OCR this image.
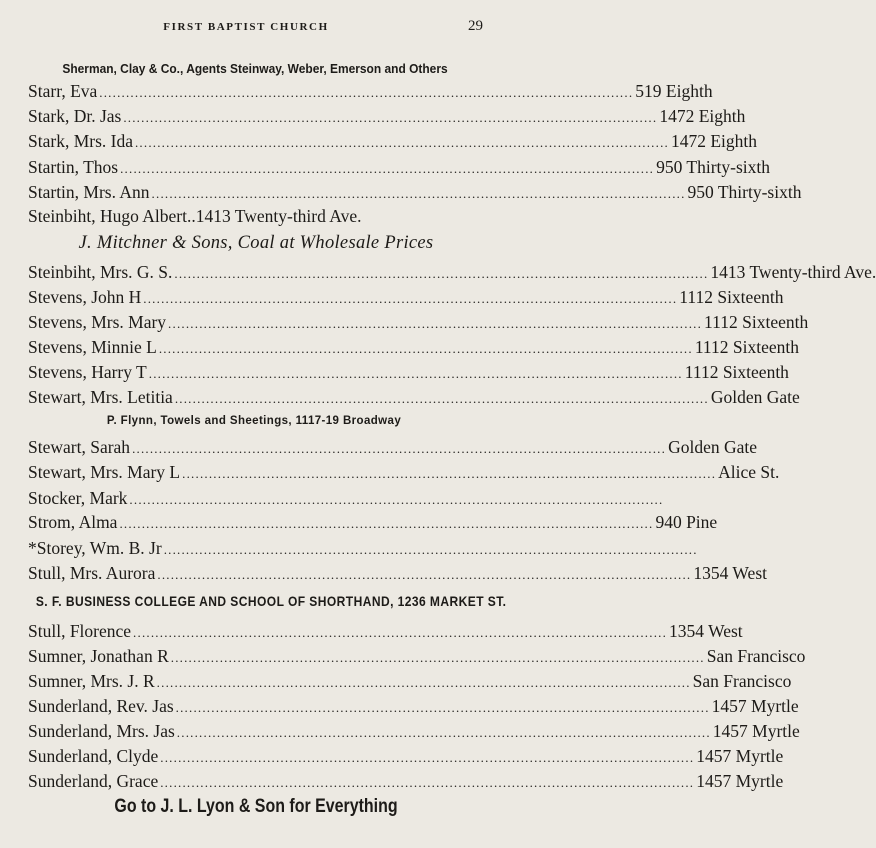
FIRST BAPTIST CHURCH	29
Sherman, Clay & Co., Agents Steinway, Weber, Emerson and Others
Starr, Eva ........................................................................................................................ 519 Eighth
Stark, Dr. Jas ........................................................................................................................ 1472 Eighth
Stark, Mrs. Ida ........................................................................................................................ 1472 Eighth
Startin, Thos ........................................................................................................................ 950 Thirty-sixth
Startin, Mrs. Ann ........................................................................................................................ 950 Thirty-sixth
Steinbiht, Hugo Albert.. 1413 Twenty-third Ave.
J. Mitchner & Sons, Coal at Wholesale Prices
Steinbiht, Mrs. G. S. ........................................................................................................................ 1413 Twenty-third Ave.
Stevens, John H ........................................................................................................................ 1112 Sixteenth
Stevens, Mrs. Mary ........................................................................................................................ 1112 Sixteenth
Stevens, Minnie L ........................................................................................................................ 1112 Sixteenth
Stevens, Harry T ........................................................................................................................ 1112 Sixteenth
Stewart, Mrs. Letitia ........................................................................................................................ Golden Gate
P. Flynn, Towels and Sheetings, 1117-19 Broadway
Stewart, Sarah ........................................................................................................................ Golden Gate
Stewart, Mrs. Mary L ........................................................................................................................ Alice St.
Stocker, Mark ........................................................................................................................
Strom, Alma ........................................................................................................................ 940 Pine
*Storey, Wm. B. Jr ........................................................................................................................
Stull, Mrs. Aurora ........................................................................................................................ 1354 West
S. F. BUSINESS COLLEGE AND SCHOOL OF SHORTHAND, 1236 MARKET ST.
Stull, Florence ........................................................................................................................ 1354 West
Sumner, Jonathan R ........................................................................................................................ San Francisco
Sumner, Mrs. J. R ........................................................................................................................ San Francisco
Sunderland, Rev. Jas ........................................................................................................................ 1457 Myrtle
Sunderland, Mrs. Jas ........................................................................................................................ 1457 Myrtle
Sunderland, Clyde ........................................................................................................................ 1457 Myrtle
Sunderland, Grace ........................................................................................................................ 1457 Myrtle
Go to J. L. Lyon & Son for Everything
